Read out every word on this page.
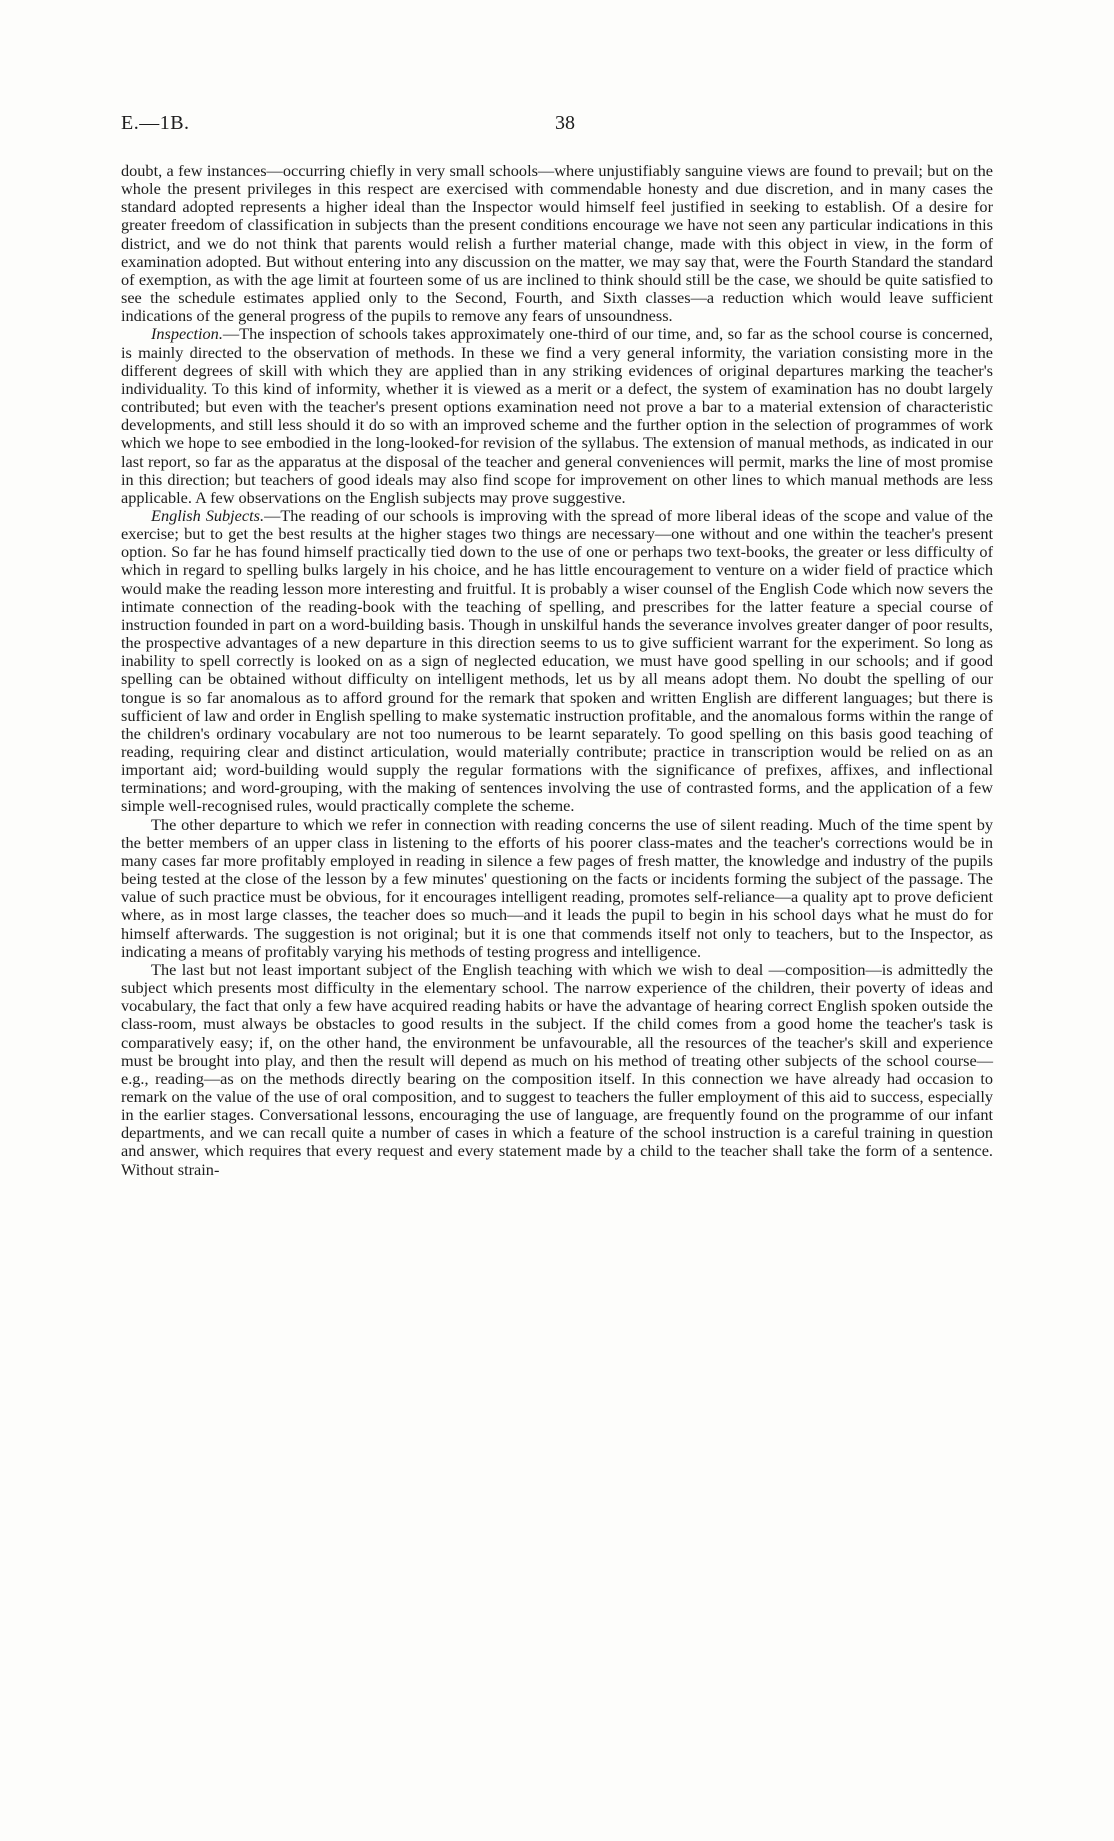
E.—1B.	38

doubt, a few instances—occurring chiefly in very small schools—where unjustifiably sanguine views are found to prevail; but on the whole the present privileges in this respect are exercised with commendable honesty and due discretion, and in many cases the standard adopted represents a higher ideal than the Inspector would himself feel justified in seeking to establish. Of a desire for greater freedom of classification in subjects than the present conditions encourage we have not seen any particular indications in this district, and we do not think that parents would relish a further material change, made with this object in view, in the form of examination adopted. But without entering into any discussion on the matter, we may say that, were the Fourth Standard the standard of exemption, as with the age limit at fourteen some of us are inclined to think should still be the case, we should be quite satisfied to see the schedule estimates applied only to the Second, Fourth, and Sixth classes—a reduction which would leave sufficient indications of the general progress of the pupils to remove any fears of unsoundness.

Inspection.—The inspection of schools takes approximately one-third of our time, and, so far as the school course is concerned, is mainly directed to the observation of methods. In these we find a very general informity, the variation consisting more in the different degrees of skill with which they are applied than in any striking evidences of original departures marking the teacher's individuality. To this kind of informity, whether it is viewed as a merit or a defect, the system of examination has no doubt largely contributed; but even with the teacher's present options examination need not prove a bar to a material extension of characteristic developments, and still less should it do so with an improved scheme and the further option in the selection of programmes of work which we hope to see embodied in the long-looked-for revision of the syllabus. The extension of manual methods, as indicated in our last report, so far as the apparatus at the disposal of the teacher and general conveniences will permit, marks the line of most promise in this direction; but teachers of good ideals may also find scope for improvement on other lines to which manual methods are less applicable. A few observations on the English subjects may prove suggestive.

English Subjects.—The reading of our schools is improving with the spread of more liberal ideas of the scope and value of the exercise; but to get the best results at the higher stages two things are necessary—one without and one within the teacher's present option. So far he has found himself practically tied down to the use of one or perhaps two text-books, the greater or less difficulty of which in regard to spelling bulks largely in his choice, and he has little encouragement to venture on a wider field of practice which would make the reading lesson more interesting and fruitful. It is probably a wiser counsel of the English Code which now severs the intimate connection of the reading-book with the teaching of spelling, and prescribes for the latter feature a special course of instruction founded in part on a word-building basis. Though in unskilful hands the severance involves greater danger of poor results, the prospective advantages of a new departure in this direction seems to us to give sufficient warrant for the experiment. So long as inability to spell correctly is looked on as a sign of neglected education, we must have good spelling in our schools; and if good spelling can be obtained without difficulty on intelligent methods, let us by all means adopt them. No doubt the spelling of our tongue is so far anomalous as to afford ground for the remark that spoken and written English are different languages; but there is sufficient of law and order in English spelling to make systematic instruction profitable, and the anomalous forms within the range of the children's ordinary vocabulary are not too numerous to be learnt separately. To good spelling on this basis good teaching of reading, requiring clear and distinct articulation, would materially contribute; practice in transcription would be relied on as an important aid; word-building would supply the regular formations with the significance of prefixes, affixes, and inflectional terminations; and word-grouping, with the making of sentences involving the use of contrasted forms, and the application of a few simple well-recognised rules, would practically complete the scheme.

The other departure to which we refer in connection with reading concerns the use of silent reading. Much of the time spent by the better members of an upper class in listening to the efforts of his poorer class-mates and the teacher's corrections would be in many cases far more profitably employed in reading in silence a few pages of fresh matter, the knowledge and industry of the pupils being tested at the close of the lesson by a few minutes' questioning on the facts or incidents forming the subject of the passage. The value of such practice must be obvious, for it encourages intelligent reading, promotes self-reliance—a quality apt to prove deficient where, as in most large classes, the teacher does so much—and it leads the pupil to begin in his school days what he must do for himself afterwards. The suggestion is not original; but it is one that commends itself not only to teachers, but to the Inspector, as indicating a means of profitably varying his methods of testing progress and intelligence.

The last but not least important subject of the English teaching with which we wish to deal —composition—is admittedly the subject which presents most difficulty in the elementary school. The narrow experience of the children, their poverty of ideas and vocabulary, the fact that only a few have acquired reading habits or have the advantage of hearing correct English spoken outside the class-room, must always be obstacles to good results in the subject. If the child comes from a good home the teacher's task is comparatively easy; if, on the other hand, the environment be unfavourable, all the resources of the teacher's skill and experience must be brought into play, and then the result will depend as much on his method of treating other subjects of the school course— e.g., reading—as on the methods directly bearing on the composition itself. In this connection we have already had occasion to remark on the value of the use of oral composition, and to suggest to teachers the fuller employment of this aid to success, especially in the earlier stages. Conversational lessons, encouraging the use of language, are frequently found on the programme of our infant departments, and we can recall quite a number of cases in which a feature of the school instruction is a careful training in question and answer, which requires that every request and every statement made by a child to the teacher shall take the form of a sentence. Without strain-
